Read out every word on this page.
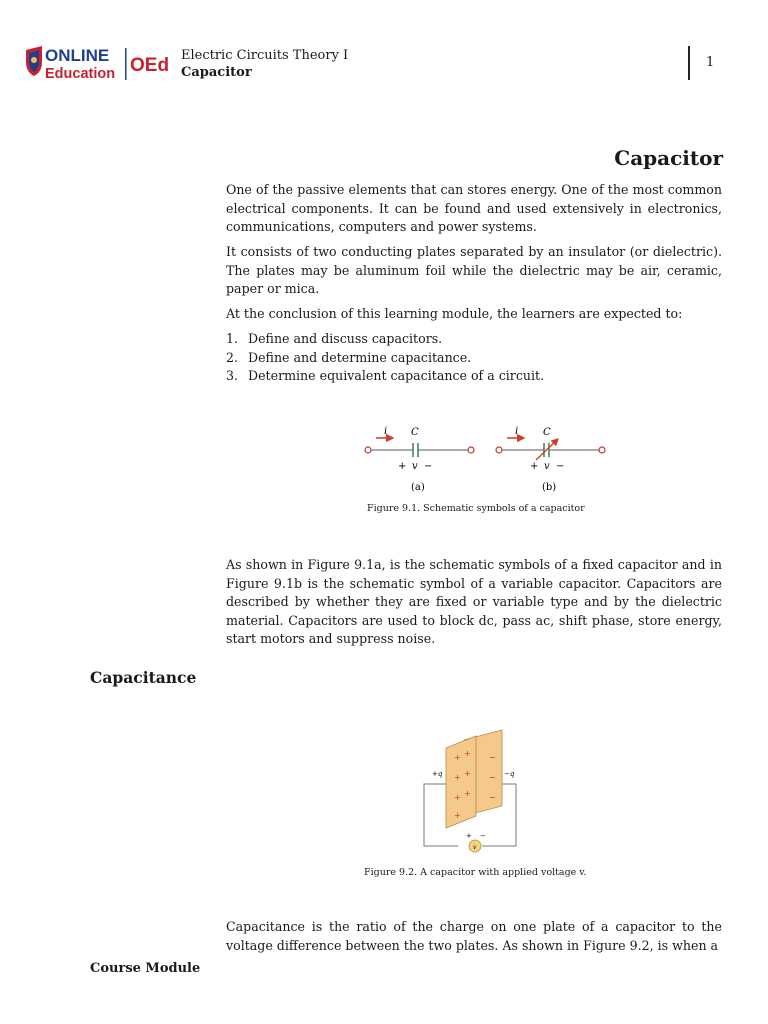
ONLINE
Education OEd Electric Circuits Theory I
Capacitor
1
Capacitor

One of the passive elements that can stores energy. One of the most common electrical components. It can be found and used extensively in electronics, communications, computers and power systems.

It consists of two conducting plates separated by an insulator (or dielectric). The plates may be aluminum foil while the dielectric may be air, ceramic, paper or mica.

At the conclusion of this learning module, the learners are expected to:

1. Define and discuss capacitors.
2. Define and determine capacitance.
3. Determine equivalent capacitance of a circuit.
i C
+ v −
(a)
i C
+ v −
(b)
Figure 9.1. Schematic symbols of a capacitor

As shown in Figure 9.1a, is the schematic symbols of a fixed capacitor and in Figure 9.1b is the schematic symbol of a variable capacitor. Capacitors are described by whether they are fixed or variable type and by the dielectric material. Capacitors are used to block dc, pass ac, shift phase, store energy, start motors and suppress noise.

Capacitance
+ +
+ +
+ +
+
−
−
−
+q	−q
v
+ −
Figure 9.2. A capacitor with applied voltage v.

Capacitance is the ratio of the charge on one plate of a capacitor to the voltage difference between the two plates. As shown in Figure 9.2, is when a

Course Module
